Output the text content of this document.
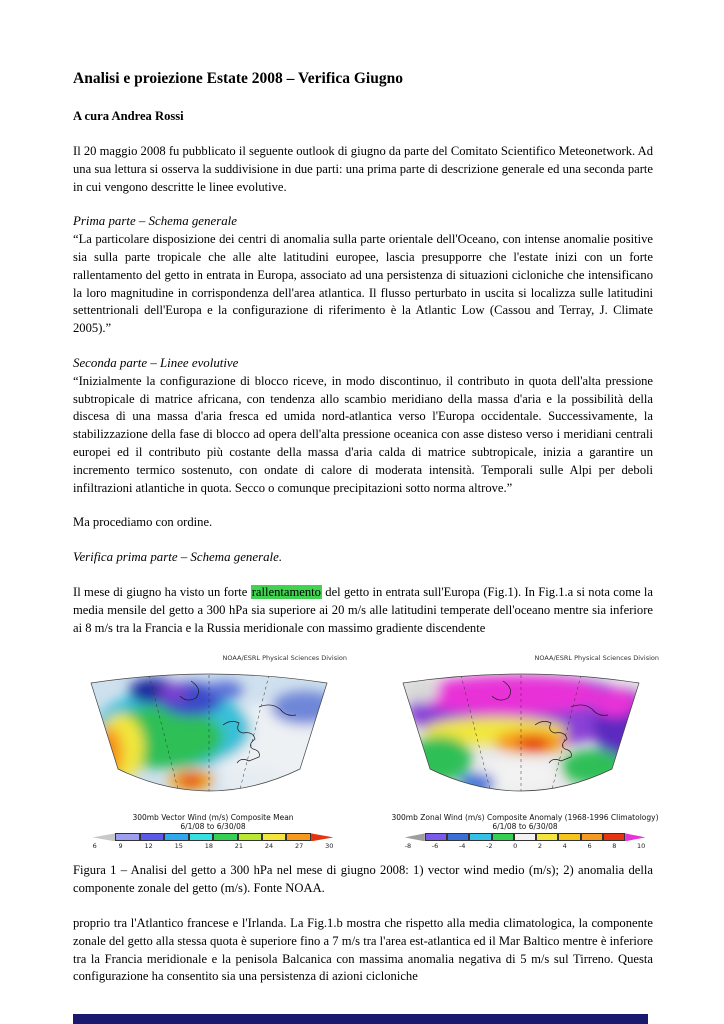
Analisi e proiezione Estate 2008 – Verifica Giugno

A cura Andrea Rossi

Il 20 maggio 2008 fu pubblicato il seguente outlook di giugno da parte del Comitato Scientifico Meteonetwork. Ad una sua lettura si osserva la suddivisione in due parti: una prima parte di descrizione generale ed una seconda parte in cui vengono descritte le linee evolutive.

Prima parte – Schema generale

“La particolare disposizione dei centri di anomalia sulla parte orientale dell'Oceano, con intense anomalie positive sia sulla parte tropicale che alle alte latitudini europee, lascia presupporre che l'estate inizi con un forte rallentamento del getto in entrata in Europa, associato ad una persistenza di situazioni cicloniche che intensificano la loro magnitudine in corrispondenza dell'area atlantica. Il flusso perturbato in uscita si localizza sulle latitudini settentrionali dell'Europa e la configurazione di riferimento è la Atlantic Low (Cassou and Terray, J. Climate 2005).”

Seconda parte – Linee evolutive

“Inizialmente la configurazione di blocco riceve, in modo discontinuo, il contributo in quota dell'alta pressione subtropicale di matrice africana, con tendenza allo scambio meridiano della massa d'aria e la possibilità della discesa di una massa d'aria fresca ed umida nord-atlantica verso l'Europa occidentale. Successivamente, la stabilizzazione della fase di blocco ad opera dell'alta pressione oceanica con asse disteso verso i meridiani centrali europei ed il contributo più costante della massa d'aria calda di matrice subtropicale, inizia a garantire un incremento termico sostenuto, con ondate di calore di moderata intensità. Temporali sulle Alpi per deboli infiltrazioni atlantiche in quota. Secco o comunque precipitazioni sotto norma altrove.”

Ma procediamo con ordine.

Verifica prima parte – Schema generale.

Il mese di giugno ha visto un forte rallentamento del getto in entrata sull'Europa (Fig.1). In Fig.1.a si nota come la media mensile del getto a 300 hPa sia superiore ai 20 m/s alle latitudini temperate dell'oceano mentre sia inferiore ai 8 m/s tra la Francia e la Russia meridionale con massimo gradiente discendente

NOAA/ESRL Physical Sciences Division
300mb Vector Wind (m/s) Composite Mean
6/1/08 to 6/30/08
6	9	12	15	18	21	24	27	30
NOAA/ESRL Physical Sciences Division
300mb Zonal Wind (m/s) Composite Anomaly (1968-1996 Climatology)
6/1/08 to 6/30/08
-8	-6	-4	-2	0	2	4	6	8	10

Figura 1 – Analisi del getto a 300 hPa nel mese di giugno 2008: 1) vector wind medio (m/s); 2) anomalia della componente zonale del getto (m/s). Fonte NOAA.

proprio tra l'Atlantico francese e l'Irlanda. La Fig.1.b mostra che rispetto alla media climatologica, la componente zonale del getto alla stessa quota è superiore fino a 7 m/s tra l'area est-atlantica ed il Mar Baltico mentre è inferiore tra la Francia meridionale e la penisola Balcanica con massima anomalia negativa di 5 m/s sul Tirreno. Questa configurazione ha consentito sia una persistenza di azioni cicloniche
